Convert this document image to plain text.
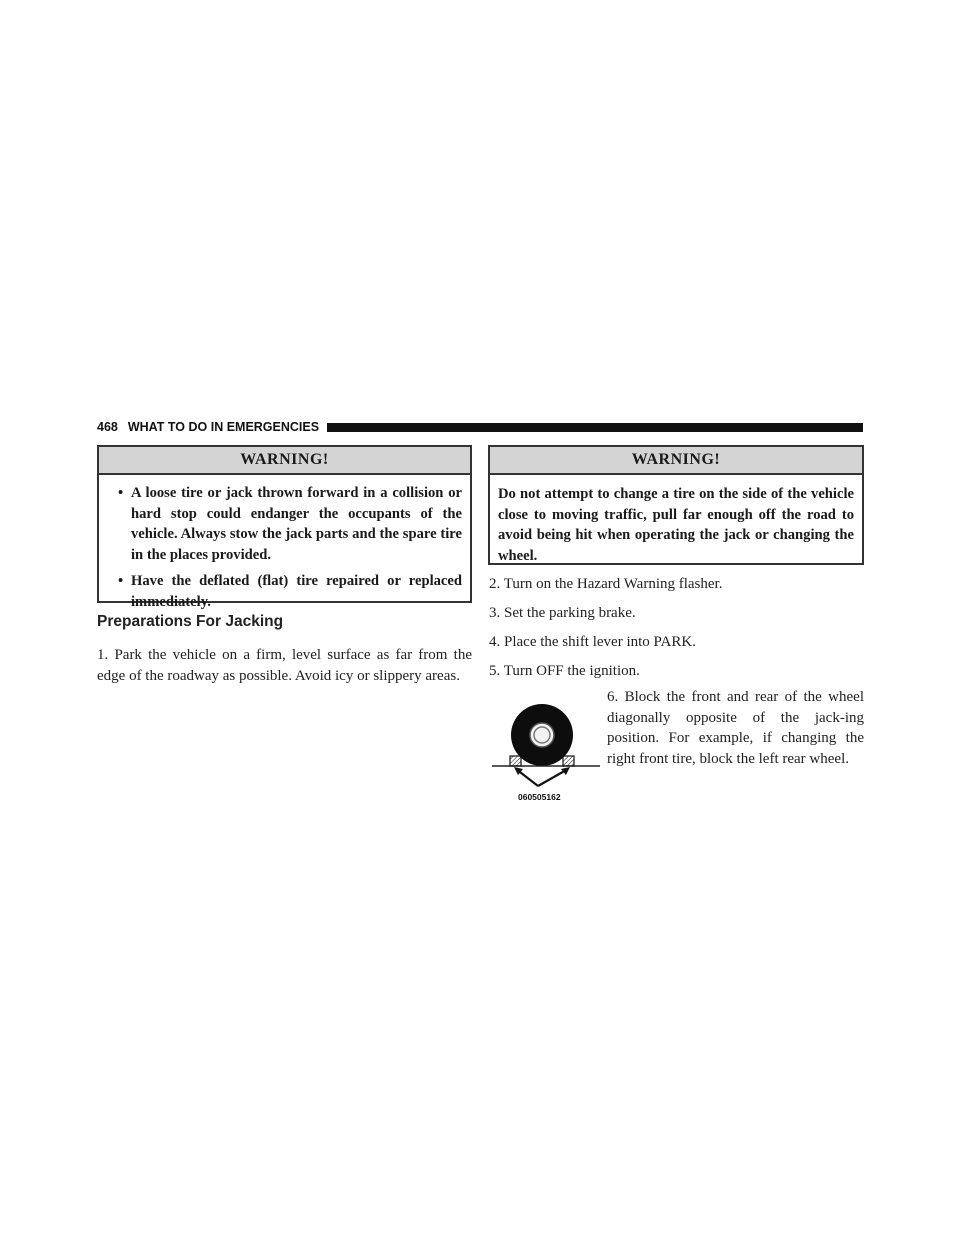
468 WHAT TO DO IN EMERGENCIES
WARNING!
• A loose tire or jack thrown forward in a collision or hard stop could endanger the occupants of the vehicle. Always stow the jack parts and the spare tire in the places provided.
• Have the deflated (flat) tire repaired or replaced immediately.
Preparations For Jacking
1. Park the vehicle on a firm, level surface as far from the edge of the roadway as possible. Avoid icy or slippery areas.
WARNING!
Do not attempt to change a tire on the side of the vehicle close to moving traffic, pull far enough off the road to avoid being hit when operating the jack or changing the wheel.
2. Turn on the Hazard Warning flasher.
3. Set the parking brake.
4. Place the shift lever into PARK.
5. Turn OFF the ignition.
060505162
6. Block the front and rear of the wheel diagonally opposite of the jack-ing position. For example, if changing the right front tire, block the left rear wheel.
